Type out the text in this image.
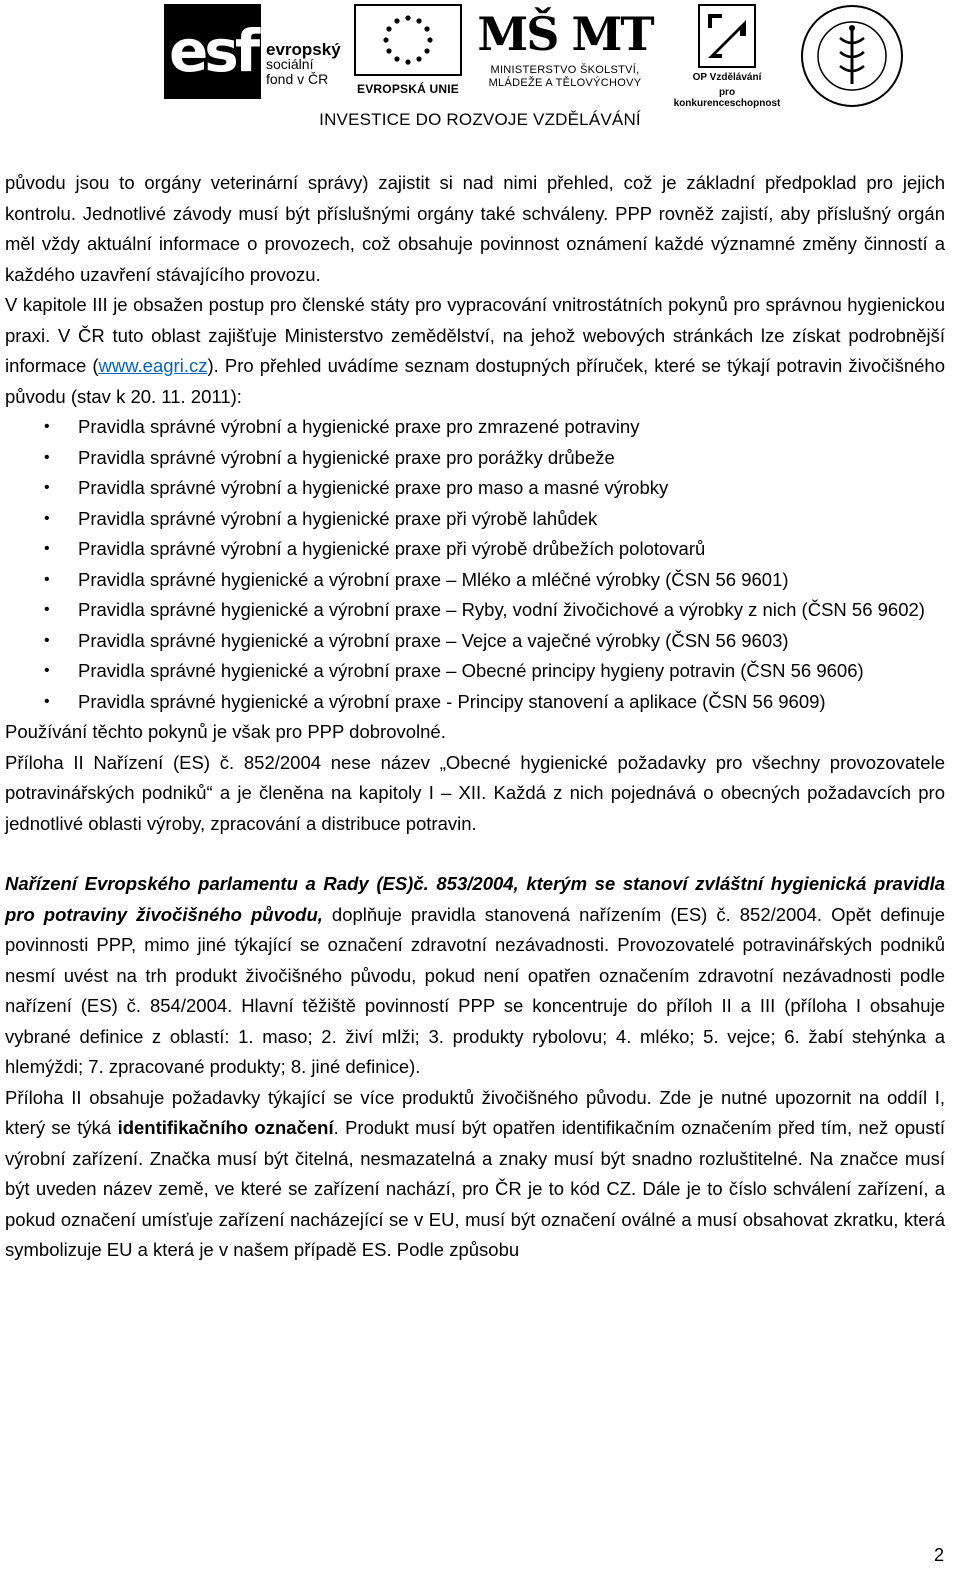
esf evropský
sociální
fond v ČR
EVROPSKÁ UNIE
MŠ MT
MINISTERSTVO ŠKOLSTVÍ,
MLÁDEŽE A TĚLOVÝCHOVY	OP Vzdělávání
pro konkurenceschopnost
INVESTICE DO ROZVOJE VZDĚLÁVÁNÍ

původu jsou to orgány veterinární správy) zajistit si nad nimi přehled, což je základní předpoklad pro jejich kontrolu. Jednotlivé závody musí být příslušnými orgány také schváleny. PPP rovněž zajistí, aby příslušný orgán měl vždy aktuální informace o provozech, což obsahuje povinnost oznámení každé významné změny činností a každého uzavření stávajícího provozu.

V kapitole III je obsažen postup pro členské státy pro vypracování vnitrostátních pokynů pro správnou hygienickou praxi. V ČR tuto oblast zajišťuje Ministerstvo zemědělství, na jehož webových stránkách lze získat podrobnější informace (www.eagri.cz). Pro přehled uvádíme seznam dostupných příruček, které se týkají potravin živočišného původu (stav k 20. 11. 2011):

• Pravidla správné výrobní a hygienické praxe pro zmrazené potraviny
• Pravidla správné výrobní a hygienické praxe pro porážky drůbeže
• Pravidla správné výrobní a hygienické praxe pro maso a masné výrobky
• Pravidla správné výrobní a hygienické praxe při výrobě lahůdek
• Pravidla správné výrobní a hygienické praxe při výrobě drůbežích polotovarů
• Pravidla správné hygienické a výrobní praxe – Mléko a mléčné výrobky (ČSN 56 9601)
• Pravidla správné hygienické a výrobní praxe – Ryby, vodní živočichové a výrobky z nich (ČSN 56 9602)
• Pravidla správné hygienické a výrobní praxe – Vejce a vaječné výrobky (ČSN 56 9603)
• Pravidla správné hygienické a výrobní praxe – Obecné principy hygieny potravin (ČSN 56 9606)
• Pravidla správné hygienické a výrobní praxe - Principy stanovení a aplikace (ČSN 56 9609)

Používání těchto pokynů je však pro PPP dobrovolné.

Příloha II Nařízení (ES) č. 852/2004 nese název „Obecné hygienické požadavky pro všechny provozovatele potravinářských podniků“ a je členěna na kapitoly I – XII. Každá z nich pojednává o obecných požadavcích pro jednotlivé oblasti výroby, zpracování a distribuce potravin.

Nařízení Evropského parlamentu a Rady (ES)č. 853/2004, kterým se stanoví zvláštní hygienická pravidla pro potraviny živočišného původu, doplňuje pravidla stanovená nařízením (ES) č. 852/2004. Opět definuje povinnosti PPP, mimo jiné týkající se označení zdravotní nezávadnosti. Provozovatelé potravinářských podniků nesmí uvést na trh produkt živočišného původu, pokud není opatřen označením zdravotní nezávadnosti podle nařízení (ES) č. 854/2004. Hlavní těžiště povinností PPP se koncentruje do příloh II a III (příloha I obsahuje vybrané definice z oblastí: 1. maso; 2. živí mlži; 3. produkty rybolovu; 4. mléko; 5. vejce; 6. žabí stehýnka a hlemýždi; 7. zpracované produkty; 8. jiné definice).

Příloha II obsahuje požadavky týkající se více produktů živočišného původu. Zde je nutné upozornit na oddíl I, který se týká identifikačního označení. Produkt musí být opatřen identifikačním označením před tím, než opustí výrobní zařízení. Značka musí být čitelná, nesmazatelná a znaky musí být snadno rozluštitelné. Na značce musí být uveden název země, ve které se zařízení nachází, pro ČR je to kód CZ. Dále je to číslo schválení zařízení, a pokud označení umísťuje zařízení nacházející se v EU, musí být označení oválné a musí obsahovat zkratku, která symbolizuje EU a která je v našem případě ES. Podle způsobu

2
